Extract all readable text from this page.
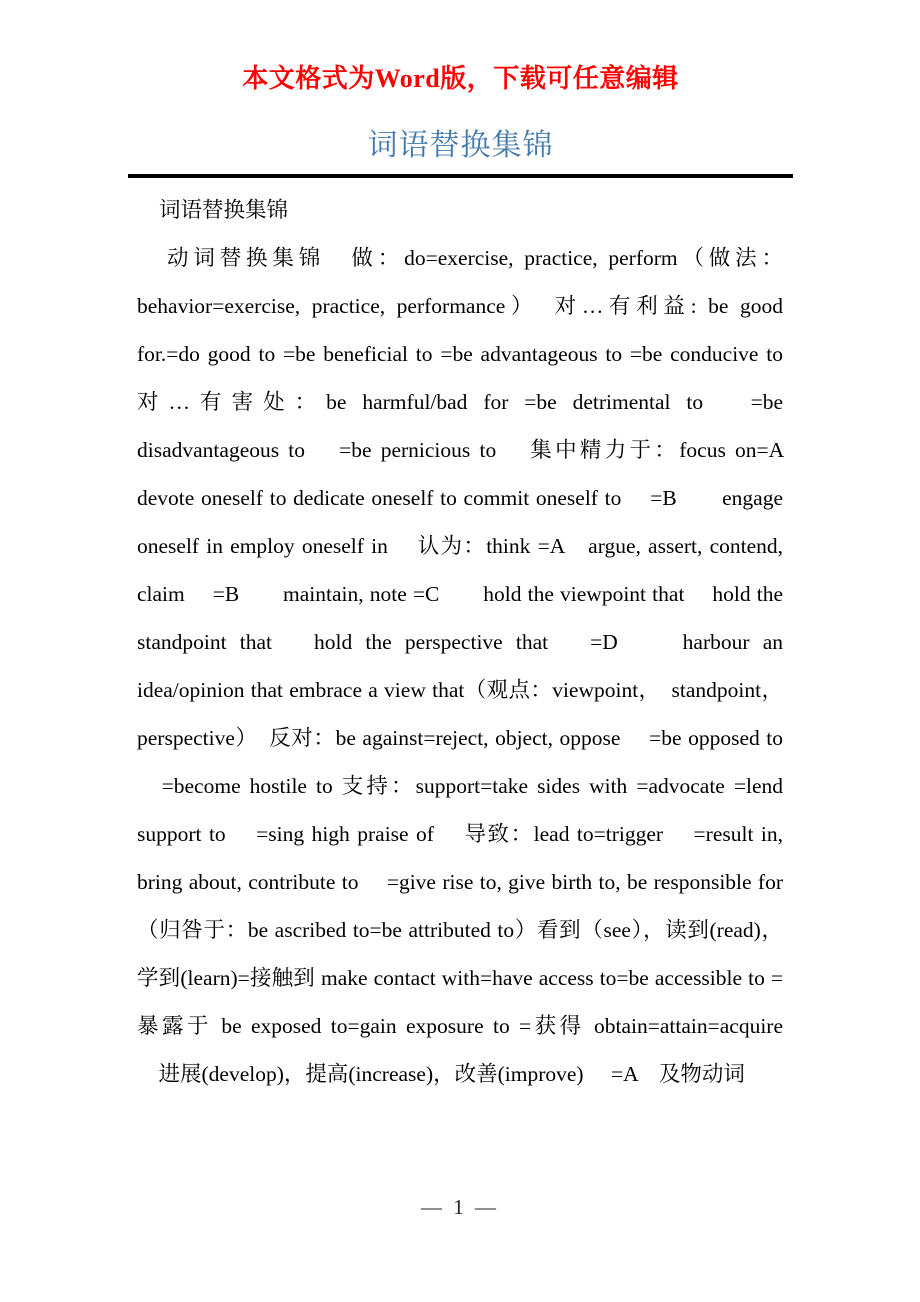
本文格式为Word版，下载可任意编辑
词语替换集锦

词语替换集锦

动词替换集锦　做：do=exercise, practice, perform（做法：behavior=exercise, practice, performance）　对…有利益: be good for.=do good to =be beneficial to =be advantageous to =be conducive to 对…有害处：be harmful/bad for =be detrimental to 　=be disadvantageous to 　=be pernicious to 　集中精力于：focus on=A　　devote oneself to dedicate oneself to commit oneself to 　=B　　engage oneself in employ oneself in 　认为：think =A　argue, assert, contend, claim 　=B　　maintain, note =C　　hold the viewpoint that 　hold the standpoint that 　hold the perspective that 　=D　　harbour an idea/opinion that embrace a view that（观点：viewpoint，　standpoint，perspective）　反对：be against=reject, object, oppose 　=be opposed to 　=become hostile to 支持：support=take sides with =advocate =lend support to 　=sing high praise of 　导致：lead to=trigger 　=result in, bring about, contribute to 　=give rise to, give birth to, be responsible for（归咎于：be ascribed to=be attributed to）看到（see），读到(read)，学到(learn)=接触到 make contact with=have access to=be accessible to = 暴露于 be exposed to=gain exposure to =获得 obtain=attain=acquire 　进展(develop)，提高(increase)，改善(improve) 　=A　及物动词

— 1 —
